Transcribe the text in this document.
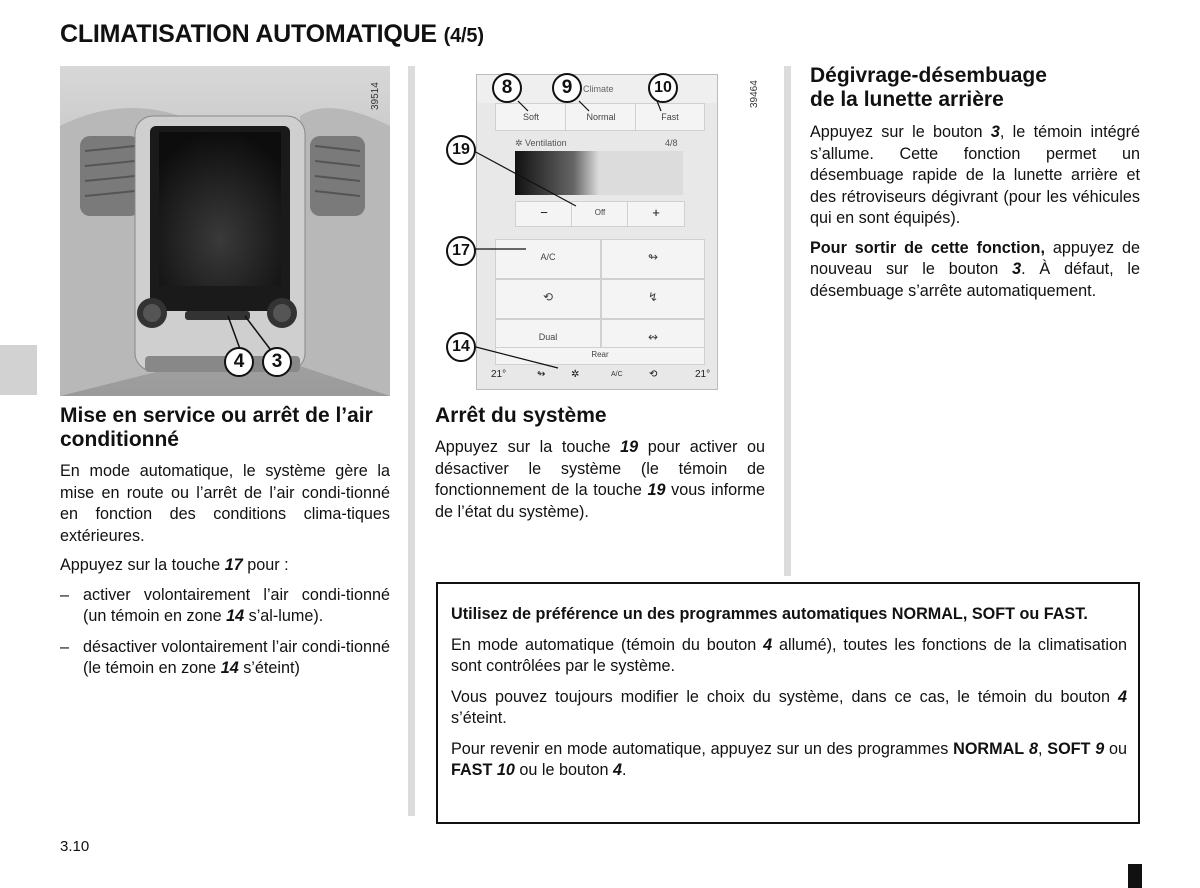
CLIMATISATION AUTOMATIQUE (4/5)
39514
4	3
39464
Climate
Soft	Normal	Fast
✲ Ventilation	4/8
−	Off	+
A/C	↬
⟲	↯
Dual	↭
Rear
21°	↬	✲	A/C	⟲	21°
8	9	10
19
17
14
Mise en service ou arrêt de l’air conditionné

En mode automatique, le système gère la mise en route ou l’arrêt de l’air condi-tionné en fonction des conditions clima-tiques extérieures.

Appuyez sur la touche 17 pour :

– activer volontairement l’air condi-tionné (un témoin en zone 14 s’al-lume).
– désactiver volontairement l’air condi-tionné (le témoin en zone 14 s’éteint)
Arrêt du système

Appuyez sur la touche 19 pour activer ou désactiver le système (le témoin de fonctionnement de la touche 19 vous informe de l’état du système).

Dégivrage-désembuage
de la lunette arrière

Appuyez sur le bouton 3, le témoin intégré s’allume. Cette fonction permet un désembuage rapide de la lunette arrière et des rétroviseurs dégivrant (pour les véhicules qui en sont équipés).

Pour sortir de cette fonction, appuyez de nouveau sur le bouton 3. À défaut, le désembuage s’arrête automatiquement.

Utilisez de préférence un des programmes automatiques NORMAL, SOFT ou FAST.

En mode automatique (témoin du bouton 4 allumé), toutes les fonctions de la climatisation sont contrôlées par le système.

Vous pouvez toujours modifier le choix du système, dans ce cas, le témoin du bouton 4 s’éteint.

Pour revenir en mode automatique, appuyez sur un des programmes NORMAL 8, SOFT 9 ou FAST 10 ou le bouton 4.

3.10
